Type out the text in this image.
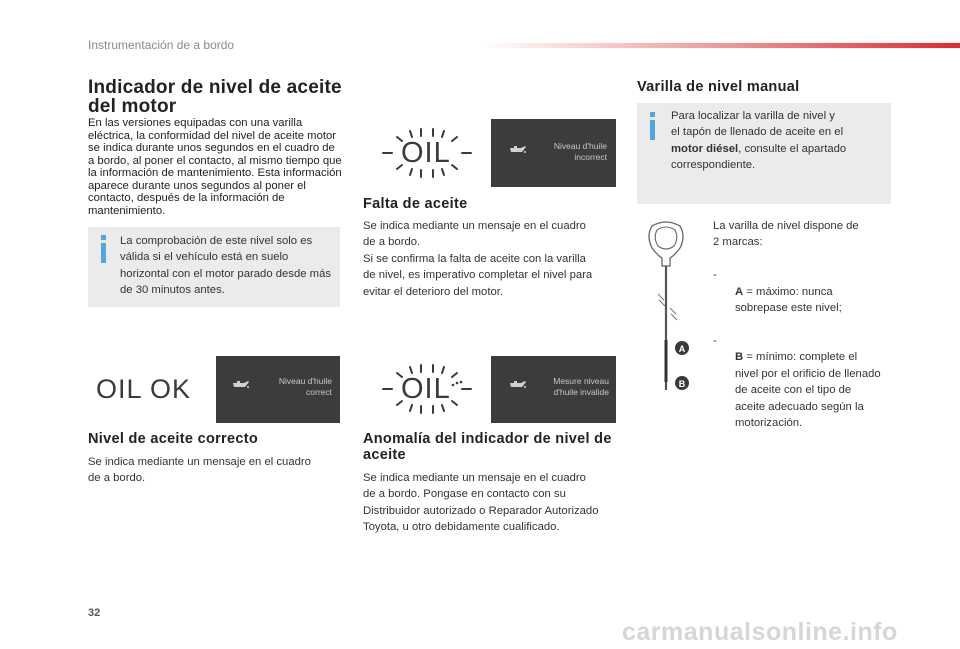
Instrumentación de a bordo
Indicador de nivel de aceite del motor
En las versiones equipadas con una varilla eléctrica, la conformidad del nivel de aceite motor se indica durante unos segundos en el cuadro de a bordo, al poner el contacto, al mismo tiempo que la información de mantenimiento. Esta información aparece durante unos segundos al poner el contacto, después de la información de mantenimiento.
La comprobación de este nivel solo es válida si el vehículo está en suelo horizontal con el motor parado desde más de 30 minutos antes.
OIL OK	Niveau d'huile
correct
Nivel de aceite correcto
Se indica mediante un mensaje en el cuadro
de a bordo.
OIL	Niveau d'huile
incorrect
Falta de aceite
Se indica mediante un mensaje en el cuadro
de a bordo.
Si se confirma la falta de aceite con la varilla
de nivel, es imperativo completar el nivel para
evitar el deterioro del motor.
OIL	Mesure niveau
d'huile invalide
Anomalía del indicador de nivel de aceite
Se indica mediante un mensaje en el cuadro
de a bordo. Pongase en contacto con su
Distribuidor autorizado o Reparador Autorizado
Toyota, u otro debidamente cualificado.
Varilla de nivel manual
Para localizar la varilla de nivel y
el tapón de llenado de aceite en el
motor diésel, consulte el apartado
correspondiente.
A
B
La varilla de nivel dispone de
2 marcas:

-
A = máximo: nunca
sobrepase este nivel;

-
B = mínimo: complete el
nivel por el orificio de llenado
de aceite con el tipo de
aceite adecuado según la
motorización.

32
carmanualsonline.info
